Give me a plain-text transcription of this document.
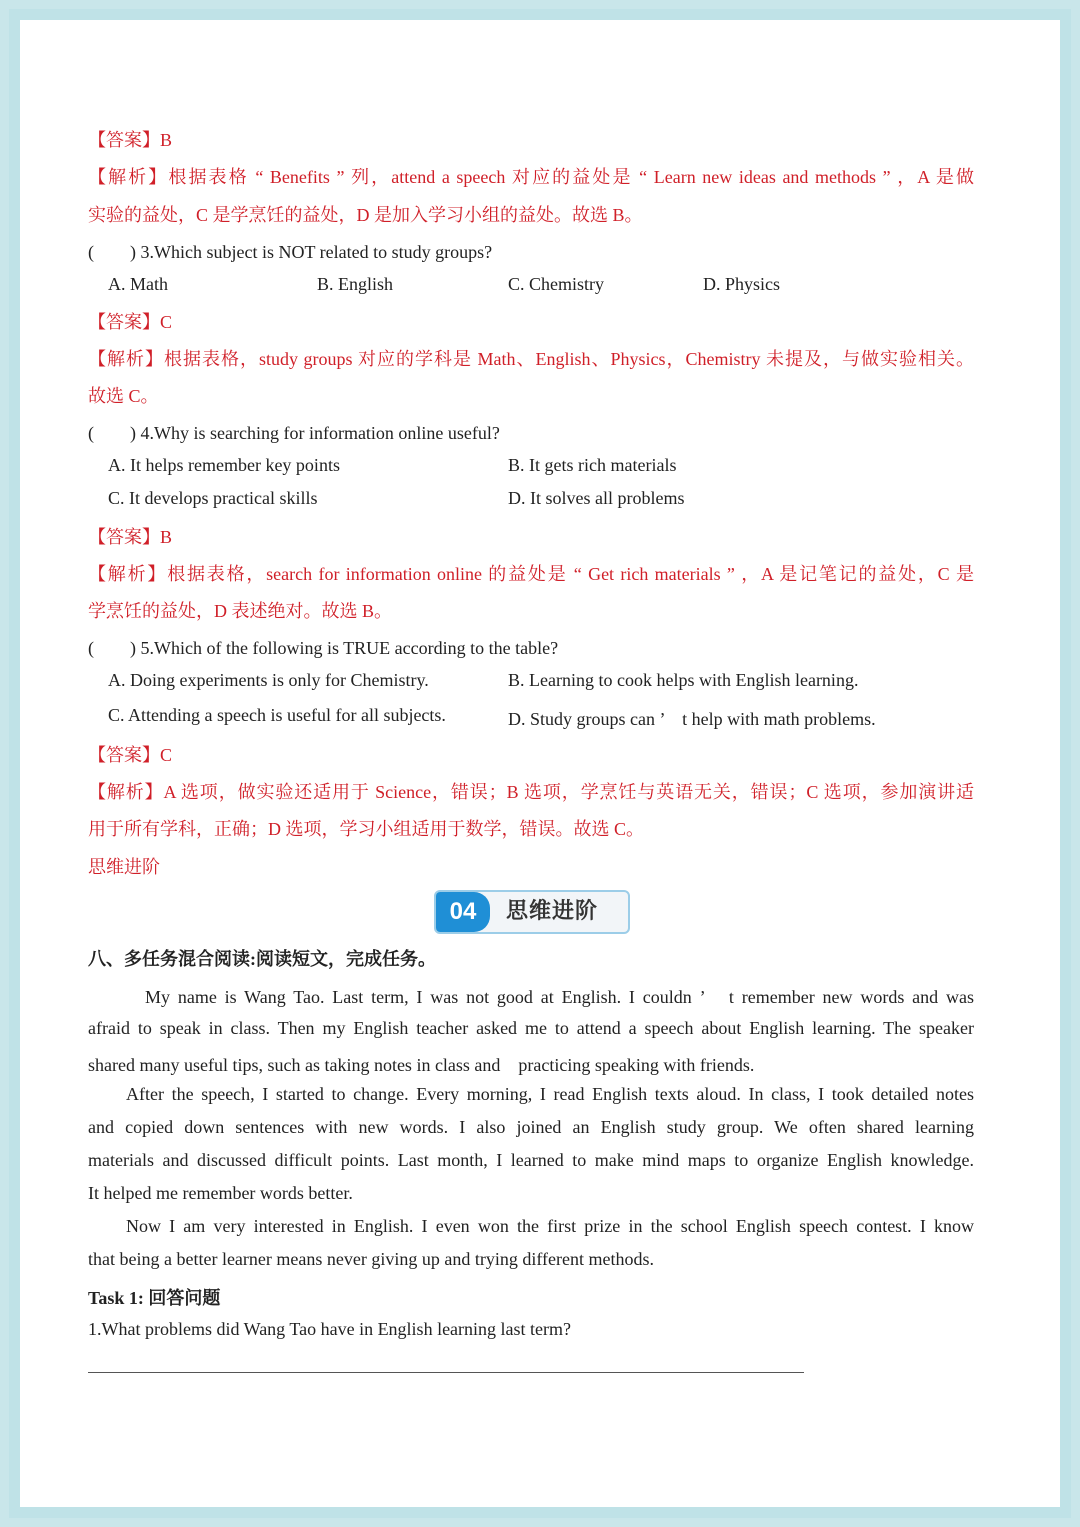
【答案】B
【解析】根据表格 “ Benefits ” 列，attend a speech 对应的益处是 “ Learn new ideas and methods ” ，A 是做
实验的益处，C 是学烹饪的益处，D 是加入学习小组的益处。故选 B。
(　　) 3.Which subject is NOT related to study groups?
A. Math	B. English	C. Chemistry	D. Physics
【答案】C
【解析】根据表格，study groups 对应的学科是 Math、English、Physics，Chemistry 未提及，与做实验相关。
故选 C。
(　　) 4.Why is searching for information online useful?
A. It helps remember key points	B. It gets rich materials
C. It develops practical skills	D. It solves all problems
【答案】B
【解析】根据表格，search for information online 的益处是 “ Get rich materials ” ，A 是记笔记的益处，C 是
学烹饪的益处，D 表述绝对。故选 B。
(　　) 5.Which of the following is TRUE according to the table?
A. Doing experiments is only for Chemistry.	B. Learning to cook helps with English learning.
C. Attending a speech is useful for all subjects.	D. Study groups can ’　t help with math problems.
【答案】C
【解析】A 选项，做实验还适用于 Science，错误；B 选项，学烹饪与英语无关，错误；C 选项，参加演讲适
用于所有学科，正确；D 选项，学习小组适用于数学，错误。故选 C。
思维进阶
04	思维进阶
八、多任务混合阅读:阅读短文，完成任务。
My name is Wang Tao. Last term, I was not good at English. I couldn ’　t remember new words and was
afraid to speak in class. Then my English teacher asked me to attend a speech about English learning. The speaker
shared many useful tips, such as taking notes in class and　practicing speaking with friends.
After the speech, I started to change. Every morning, I read English texts aloud. In class, I took detailed notes
and copied down sentences with new words. I also joined an English study group. We often shared learning
materials and discussed difficult points. Last month, I learned to make mind maps to organize English knowledge.
It helped me remember words better.
Now I am very interested in English. I even won the first prize in the school English speech contest. I know
that being a better learner means never giving up and trying different methods.
Task 1: 回答问题
1.What problems did Wang Tao have in English learning last term?
